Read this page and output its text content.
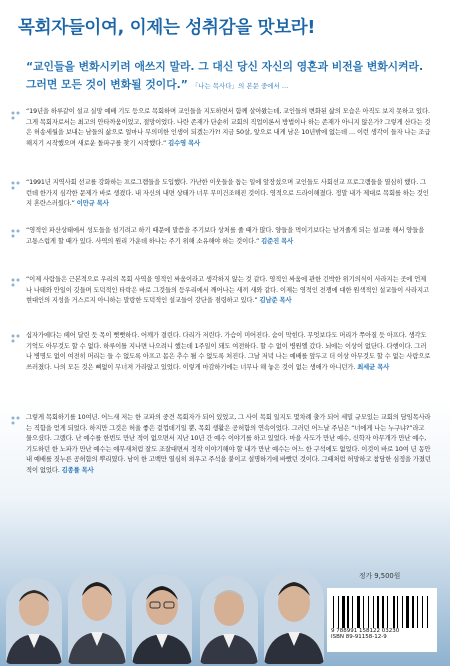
목회자들이여, 이제는 성취감을 맛보라!
“교인들을 변화시키려 애쓰지 말라. 그 대신 당신 자신의 영혼과 비전을 변화시켜라. 그러면 모든 것이 변화될 것이다.” 「나는 목사다」의 본문 중에서 …
“19년을 하루같이 설교 실망 예배 기도 등으로 목회하며 교인들을 지도하면서 함께 살아왔는데, 교인들의 변화된 삶의 모습은 아직도 보지 못하고 있다. 그게 목회자로서는 최고의 안타까움이었고, 절망이었다. 나란 존재가 단순히 교회의 직업이론서 방법이나 하는 존재가 아니지 않은가? 그렇게 산다는 것은 허송세월을 보내는 남들의 삶으로 얼마나 무의미한 인생이 되겠는가?! 지금 50살, 앞으로 내게 남은 10년밖에 없는데 … 이런 생각이 들자 나는 조급해지기 시작했으며 새로운 돌파구를 찾기 시작했다.” 김수영 목사
“1991년 지역사회 선교를 강화하는 프로그램들을 도입했다. 가난한 이웃들을 돕는 일에 앞장섰으며 교인들도 사회선교 프로그램들을 열심히 했다. 그런데 한가지 심각한 문제가 바로 생겼다. 내 자신의 내면 상태가 너무 무미건조해진 것이다. 영적으로 드라이해졌다. 정말 내가 제대로 목회를 하는 것인지 혼란스러웠다.” 이만규 목사
“영적인 파산상태에서 성도들을 섬기려고 하기 때문에 말씀을 주기보다 상처를 줄 때가 많다. 양들을 먹이기보다는 남겨줄게 되는 설교를 해서 양들을 고통스럽게 할 때가 있다. 사역의 원리 가운데 하나는 주기 위해 소유해야 하는 것이다.” 김준진 목사
“이제 사람들은 근본적으로 우리의 목회 사역을 영적인 싸움이라고 생각하지 않는 것 같다. 영적인 싸움에 관한 긴박한 위기의식이 사라지는 곳에 언제나 나태와 안일이 깃들며 도덕적인 타락은 바로 그것들의 등우리에서 깨어나는 새끼 새와 같다. 이제는 영적인 전쟁에 대한 원색적인 설교들이 사라지고 현대인의 지성을 거스르지 아니하는 말랑한 도덕적인 설교들이 강단을 점령하고 있다.” 김남준 목사
십자가에다는 떼어 달린 듯 목이 뻣뻣하다. 어깨가 결린다. 다리가 저린다. 가슴이 미어진다. 숨이 막힌다. 무엇보다도 머리가 쭈아질 듯 아프다. 생각도 기억도 아무것도 할 수 없다. 하루이틀 지나면 나으려니 했는데 1주일이 돼도 여전하다. 할 수 없이 병원엘 갔다. 뇌에는 이상이 없단다. 다행이다. 그러나 병명도 없이 여전히 머리는 들 수 없도록 아프고 몸은 추수 될 수 없도록 처진다. 그날 저녁 나는 예배를 앞두고 더 이상 아무것도 할 수 없는 사람으로 쓰러졌다. 나의 모든 것은 뼈없이 무너져 가라앉고 있었다. 이렇게 마감하기에는 너무나 해 놓은 것이 없는 생애가 아니던가. 최세균 목사
그렇게 목회하기를 10여년. 어느새 저는 한 교파의 중견 목회자가 되어 있었고, 그 사이 목회 일지도 몇차례 출가 되어 세밀 규모있는 교회의 담임목사라는 직함을 얻게 되었다. 하지만 그것은 허울 좋은 겉껍데기일 뿐, 목회 생활은 공허함의 연속이었다. 그러던 어느날 주님은 “너에게 나는 누구냐?”라고 물으셨다. 그랬다. 난 예수를 한번도 만난 적이 없으면서 지난 10년 간 예수 이야기를 하고 있었다. 마을 사도가 만난 예수, 신학자 아무개가 만난 예수, 기도하던 한 노파가 만난 예수는 얘무새처럼 잘도 조잘대면서 정작 이야기해야 할 내가 만난 예수는 어느 한 구석에도 없었다. 이것이 바로 10여 년 동안 내 예배를 짓누른 공허함의 뿌리였다. 남이 한 고백만 열심히 외우고 주석을 붙이고 설명하기에 바빴던 것이다. 그때처럼 허망하고 참담한 심정을 가졌던 적이 없었다. 김종률 목사
정가 9,500원
9 788991 158122 03230
ISBN 89-91158-12-9
